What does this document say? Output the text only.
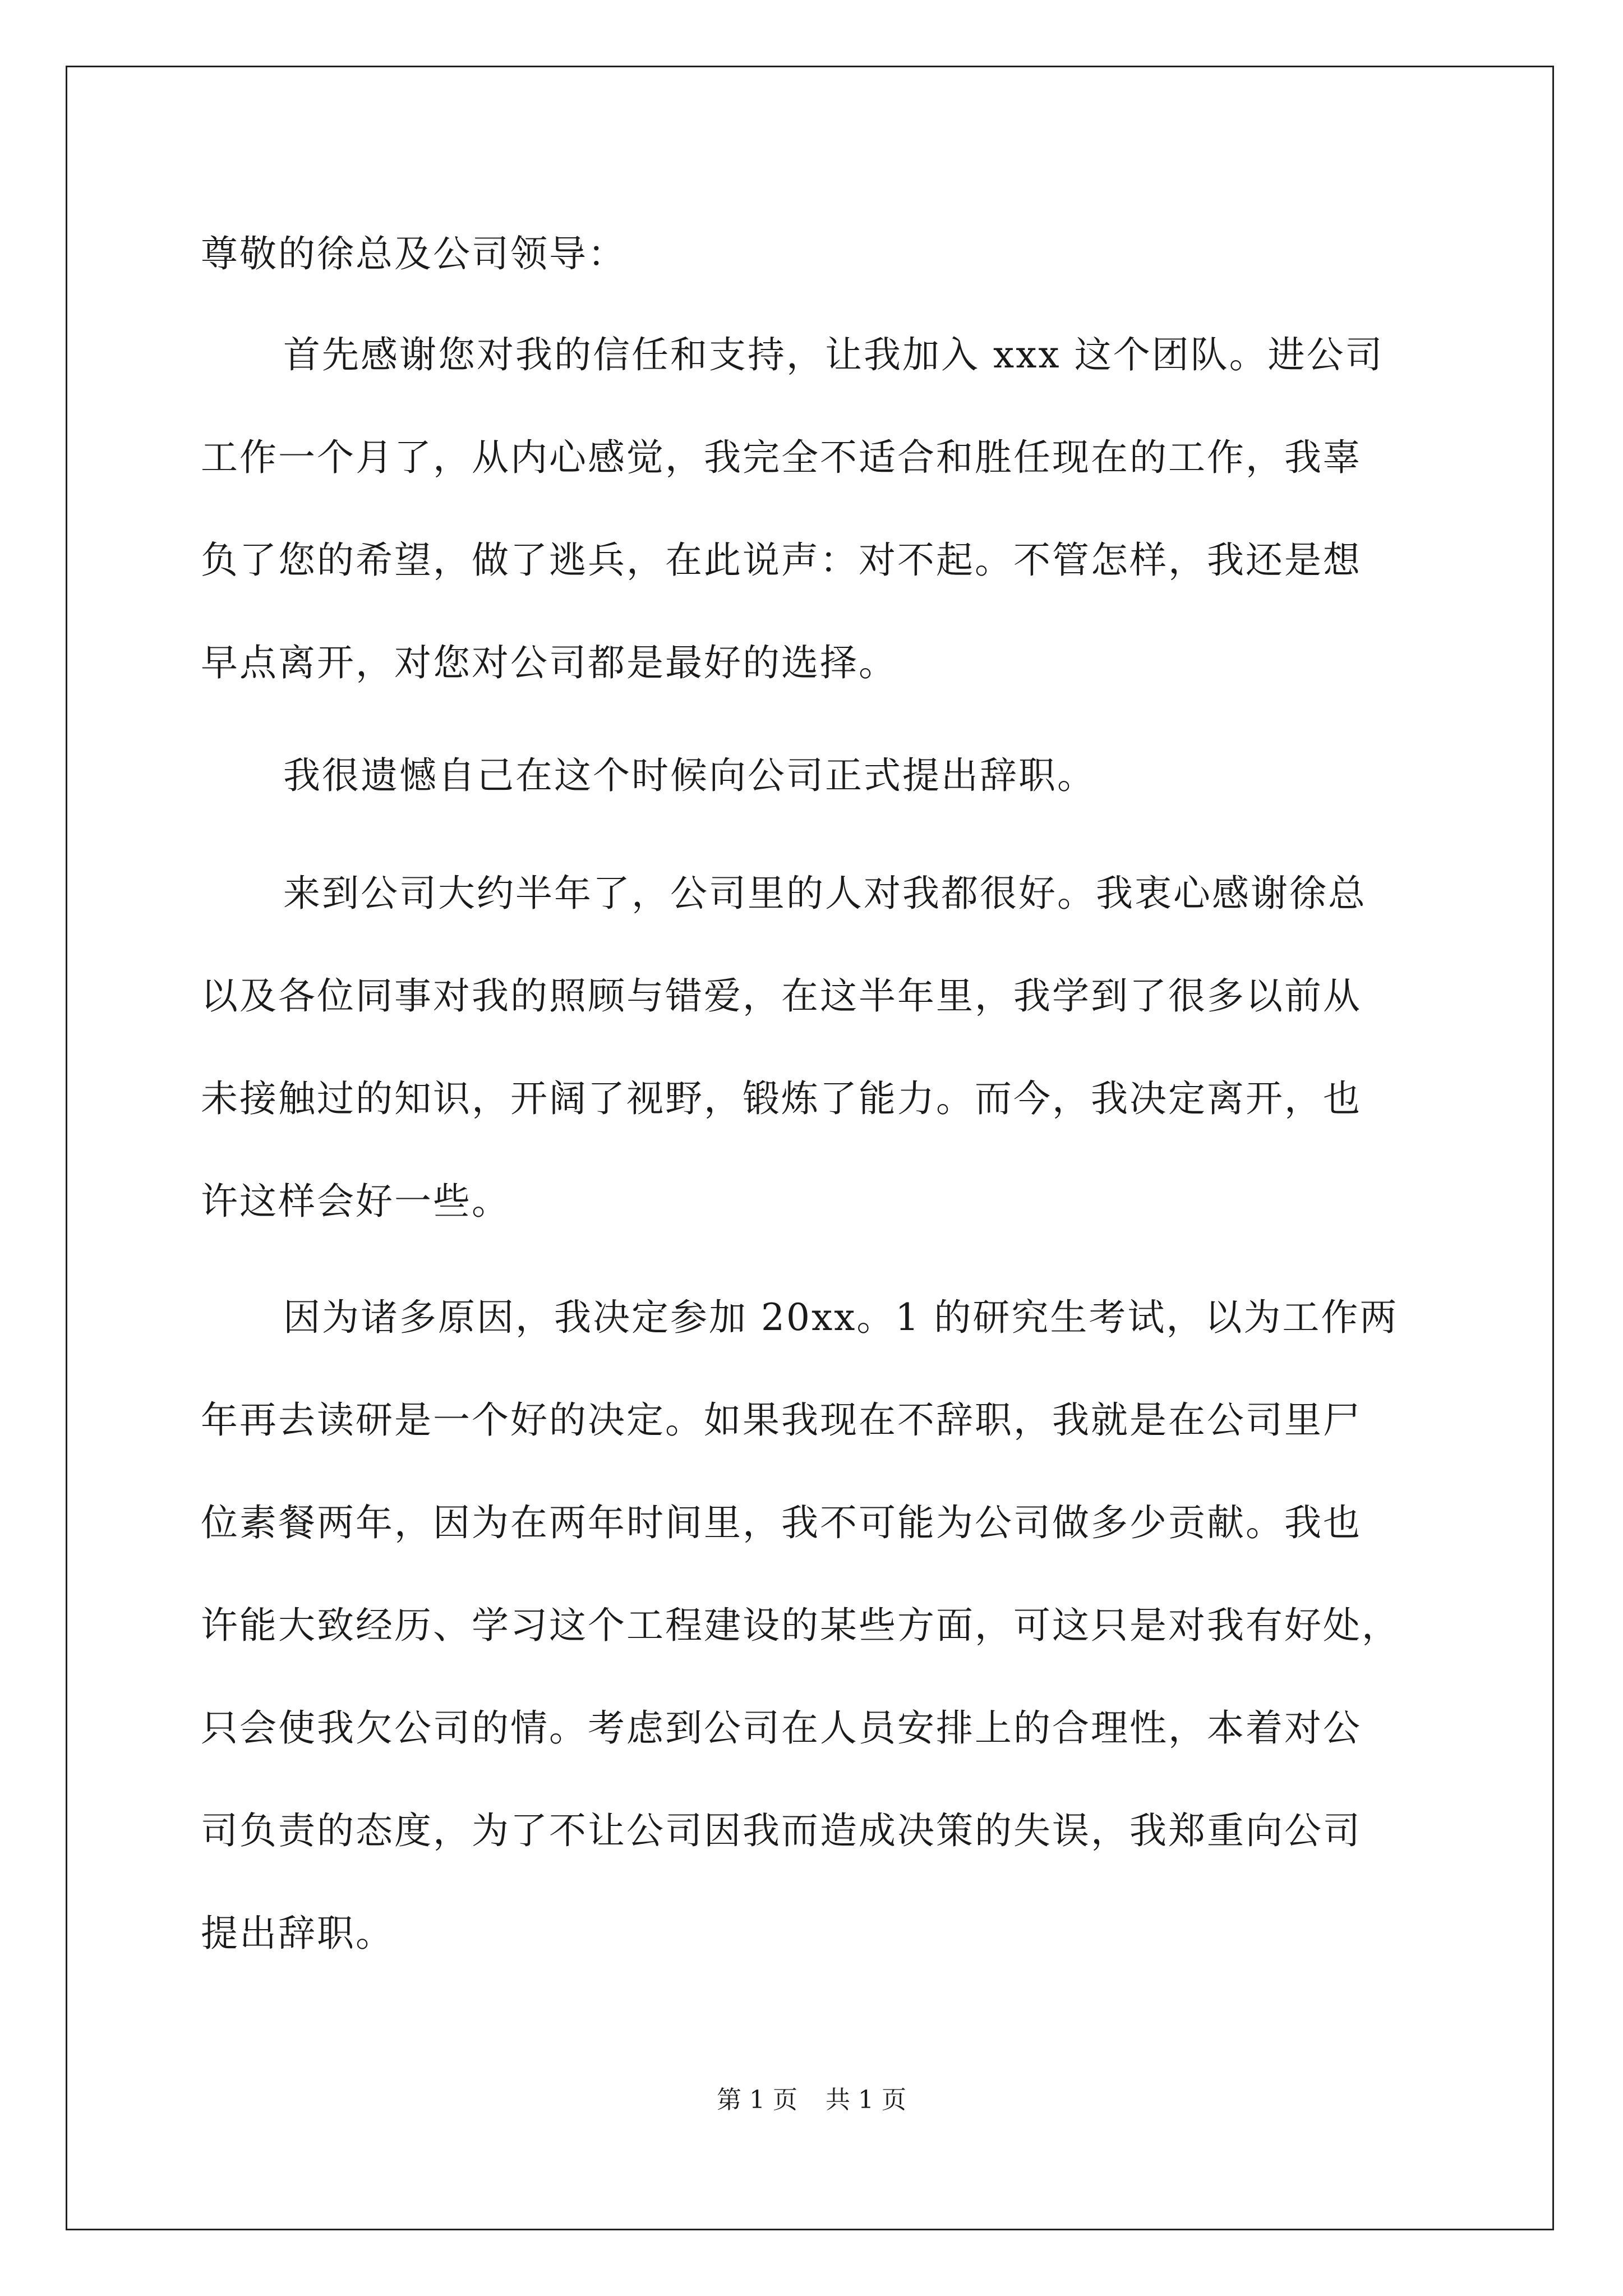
尊敬的徐总及公司领导：
首先感谢您对我的信任和支持，让我加入 xxx 这个团队。进公司
工作一个月了，从内心感觉，我完全不适合和胜任现在的工作，我辜
负了您的希望，做了逃兵，在此说声：对不起。不管怎样，我还是想
早点离开，对您对公司都是最好的选择。
我很遗憾自己在这个时候向公司正式提出辞职。
来到公司大约半年了，公司里的人对我都很好。我衷心感谢徐总
以及各位同事对我的照顾与错爱，在这半年里，我学到了很多以前从
未接触过的知识，开阔了视野，锻炼了能力。而今，我决定离开，也
许这样会好一些。
因为诸多原因，我决定参加 20xx。1 的研究生考试，以为工作两
年再去读研是一个好的决定。如果我现在不辞职，我就是在公司里尸
位素餐两年，因为在两年时间里，我不可能为公司做多少贡献。我也
许能大致经历、学习这个工程建设的某些方面，可这只是对我有好处，
只会使我欠公司的情。考虑到公司在人员安排上的合理性，本着对公
司负责的态度，为了不让公司因我而造成决策的失误，我郑重向公司
提出辞职。
第 1 页 共 1 页
